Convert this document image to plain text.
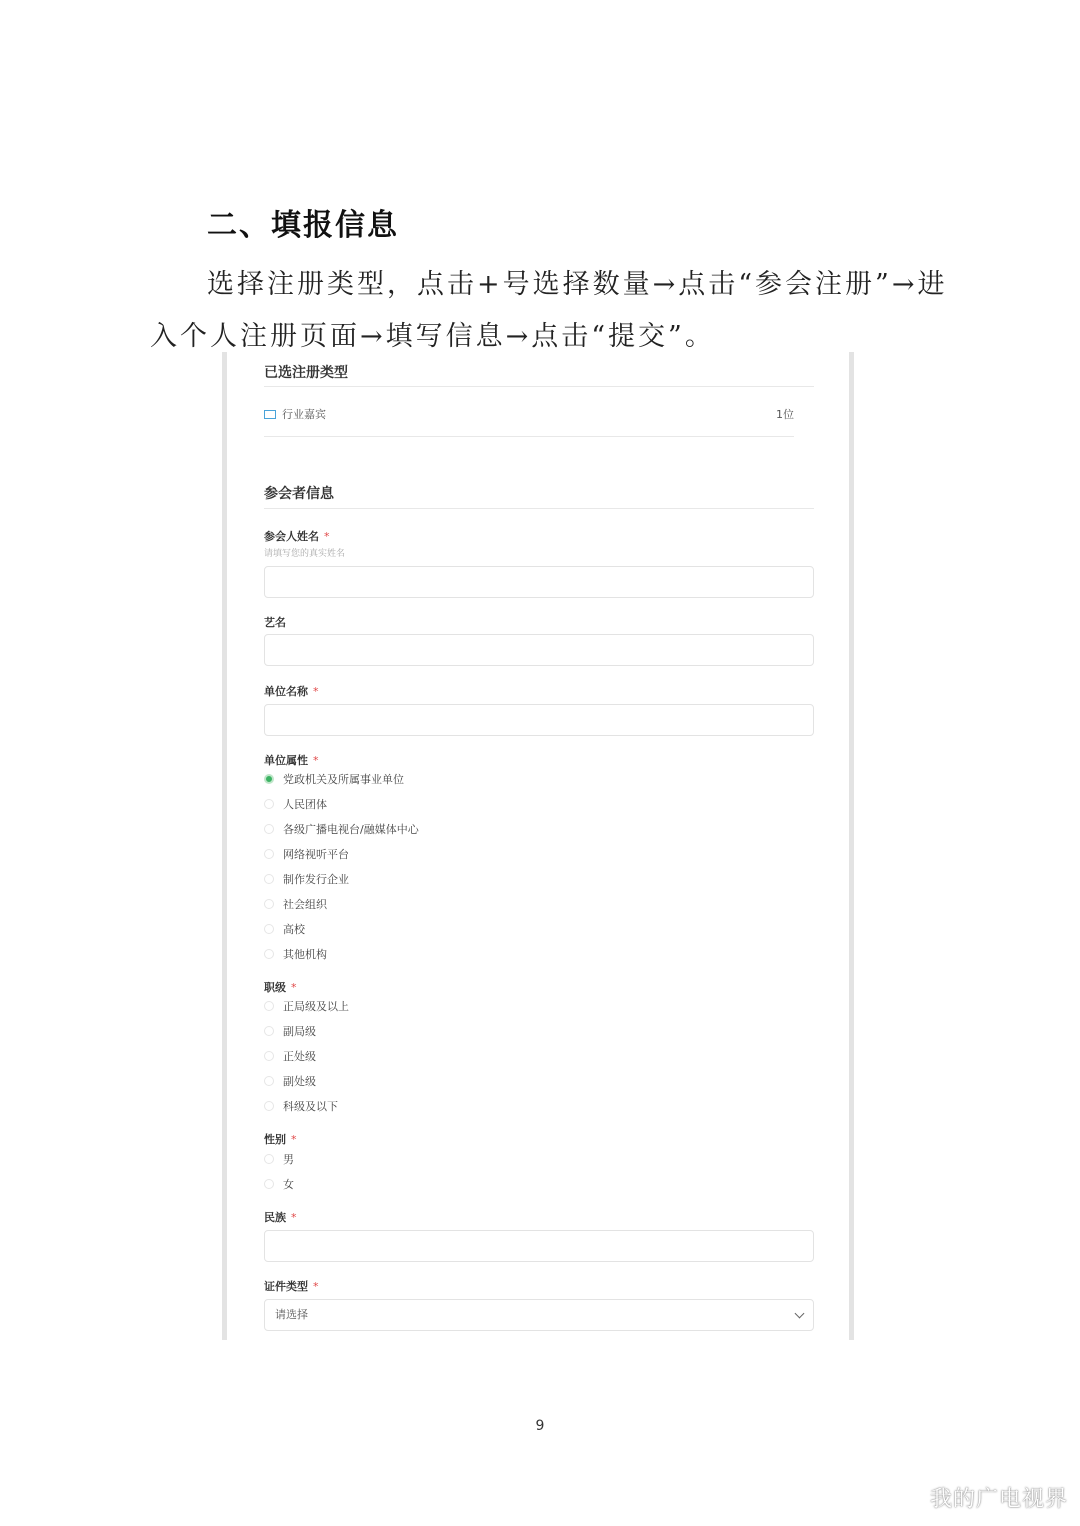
二、填报信息
选择注册类型，点击+号选择数量→点击“参会注册”→进
入个人注册页面→填写信息→点击“提交”。
已选注册类型
行业嘉宾	1位
参会者信息
参会人姓名 *
请填写您的真实姓名
艺名
单位名称 *
单位属性 *
党政机关及所属事业单位
人民团体
各级广播电视台/融媒体中心
网络视听平台
制作发行企业
社会组织
高校
其他机构
职级 *
正局级及以上
副局级
正处级
副处级
科级及以下
性别 *
男
女
民族 *
证件类型 *
请选择
9
我的广电视界
